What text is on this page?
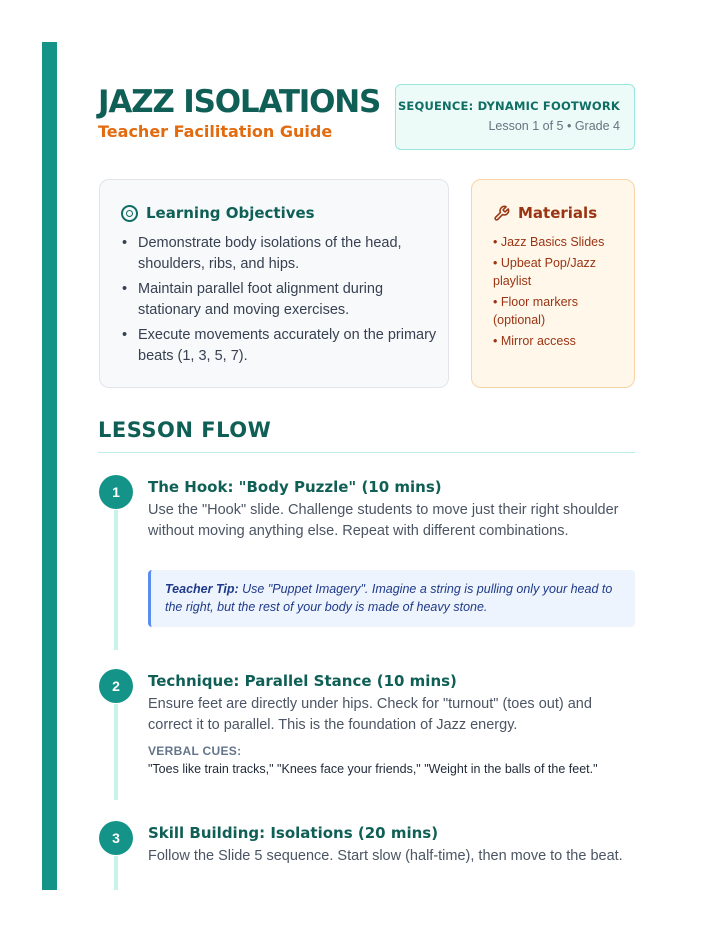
JAZZ ISOLATIONS
Teacher Facilitation Guide
SEQUENCE: DYNAMIC FOOTWORK
Lesson 1 of 5 • Grade 4
Learning Objectives
• Demonstrate body isolations of the head, shoulders, ribs, and hips.
• Maintain parallel foot alignment during stationary and moving exercises.
• Execute movements accurately on the primary beats (1, 3, 5, 7).
Materials
• Jazz Basics Slides
• Upbeat Pop/Jazz playlist
• Floor markers (optional)
• Mirror access
LESSON FLOW
1	The Hook: "Body Puzzle" (10 mins)
Use the "Hook" slide. Challenge students to move just their right shoulder without moving anything else. Repeat with different combinations.
Teacher Tip: Use "Puppet Imagery". Imagine a string is pulling only your head to the right, but the rest of your body is made of heavy stone.
2	Technique: Parallel Stance (10 mins)
Ensure feet are directly under hips. Check for "turnout" (toes out) and correct it to parallel. This is the foundation of Jazz energy.
VERBAL CUES:
"Toes like train tracks," "Knees face your friends," "Weight in the balls of the feet."
3	Skill Building: Isolations (20 mins)
Follow the Slide 5 sequence. Start slow (half-time), then move to the beat.
